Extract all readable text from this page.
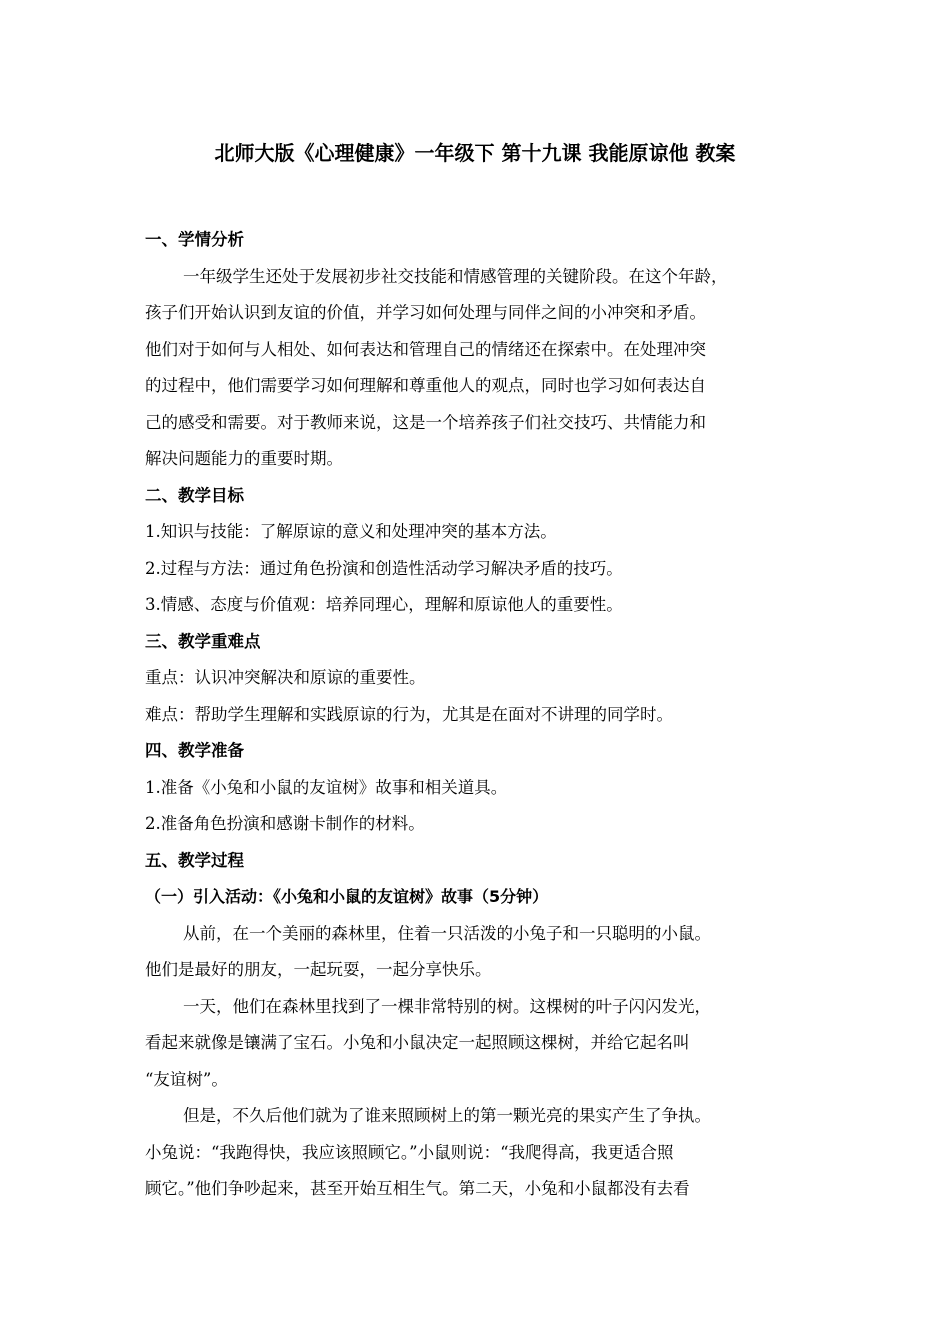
北师大版《心理健康》一年级下 第十九课 我能原谅他 教案
一、学情分析
一年级学生还处于发展初步社交技能和情感管理的关键阶段。在这个年龄，
孩子们开始认识到友谊的价值，并学习如何处理与同伴之间的小冲突和矛盾。
他们对于如何与人相处、如何表达和管理自己的情绪还在探索中。在处理冲突
的过程中，他们需要学习如何理解和尊重他人的观点，同时也学习如何表达自
己的感受和需要。对于教师来说，这是一个培养孩子们社交技巧、共情能力和
解决问题能力的重要时期。
二、教学目标
1.知识与技能：了解原谅的意义和处理冲突的基本方法。
2.过程与方法：通过角色扮演和创造性活动学习解决矛盾的技巧。
3.情感、态度与价值观：培养同理心，理解和原谅他人的重要性。
三、教学重难点
重点：认识冲突解决和原谅的重要性。
难点：帮助学生理解和实践原谅的行为，尤其是在面对不讲理的同学时。
四、教学准备
1.准备《小兔和小鼠的友谊树》故事和相关道具。
2.准备角色扮演和感谢卡制作的材料。
五、教学过程
（一）引入活动：《小兔和小鼠的友谊树》故事（5分钟）
从前，在一个美丽的森林里，住着一只活泼的小兔子和一只聪明的小鼠。
他们是最好的朋友，一起玩耍，一起分享快乐。
一天，他们在森林里找到了一棵非常特别的树。这棵树的叶子闪闪发光，
看起来就像是镶满了宝石。小兔和小鼠决定一起照顾这棵树，并给它起名叫
“友谊树”。
但是，不久后他们就为了谁来照顾树上的第一颗光亮的果实产生了争执。
小兔说：“我跑得快，我应该照顾它。”小鼠则说：“我爬得高，我更适合照
顾它。”他们争吵起来，甚至开始互相生气。第二天，小兔和小鼠都没有去看
